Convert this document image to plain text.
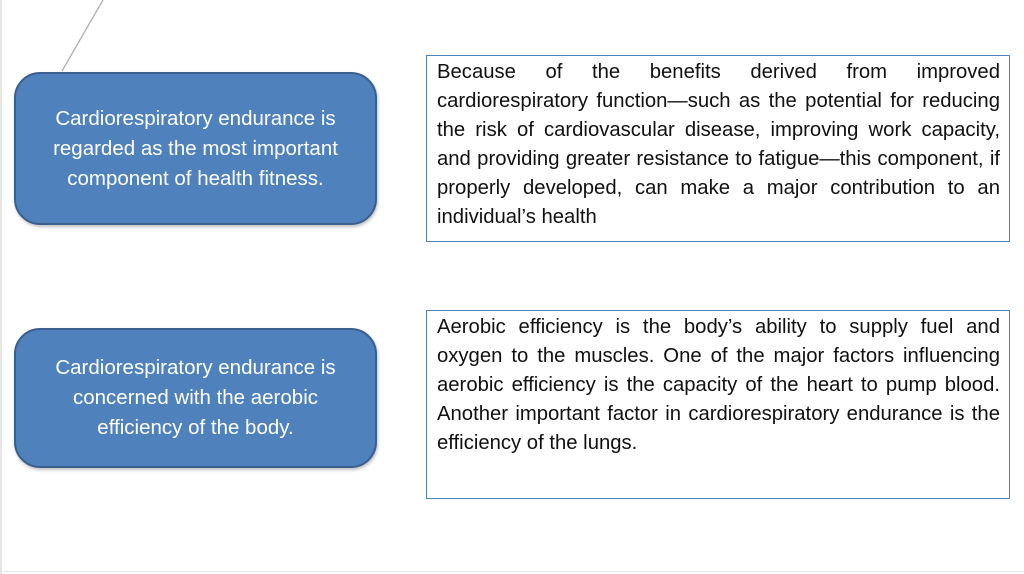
Cardiorespiratory endurance is regarded as the most important component of health fitness.
Because of the benefits derived from improved cardiorespiratory function—such as the potential for reducing the risk of cardiovascular disease, improving work capacity, and providing greater resistance to fatigue—this component, if properly developed, can make a major contribution to an individual’s health
Cardiorespiratory endurance is concerned with the aerobic efficiency of the body.
Aerobic efficiency is the body’s ability to supply fuel and oxygen to the muscles. One of the major factors influencing aerobic efficiency is the capacity of the heart to pump blood. Another important factor in cardiorespiratory endurance is the efficiency of the lungs.
